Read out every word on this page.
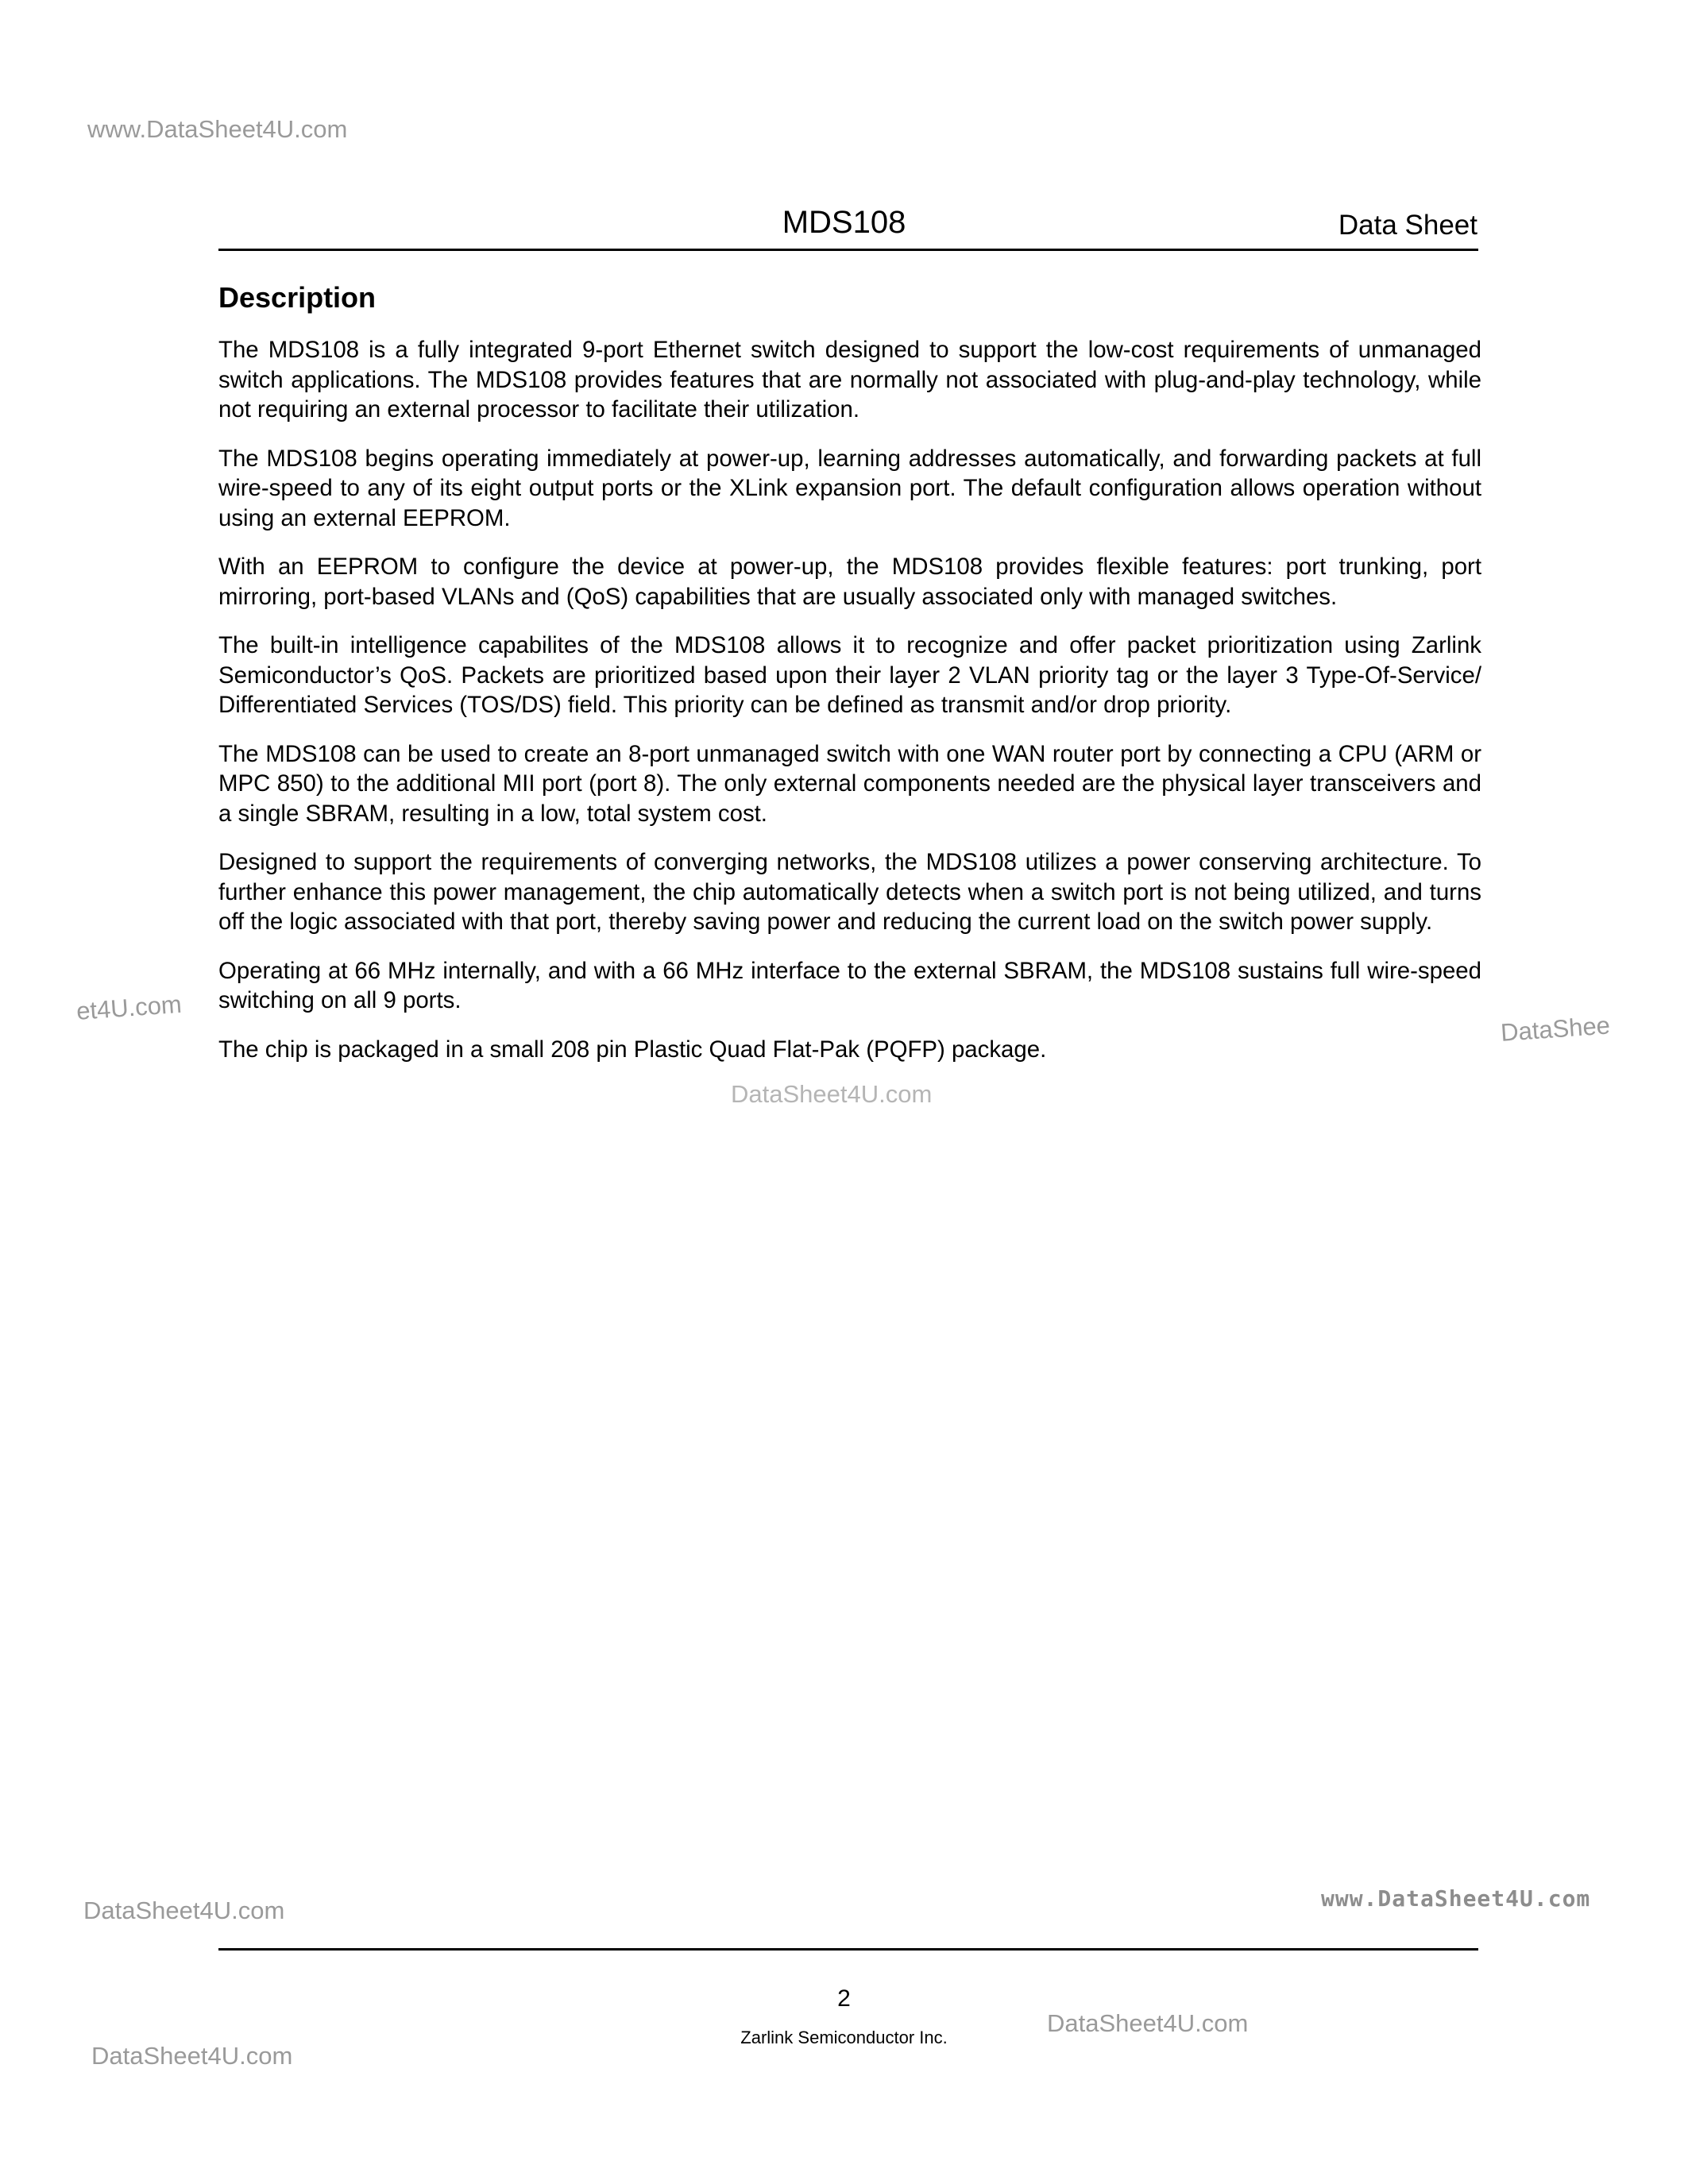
www.DataSheet4U.com
et4U.com
DataShee
DataSheet4U.com	www.DataSheet4U.com
DataSheet4U.com
DataSheet4U.com
MDS108	Data Sheet
Description

The MDS108 is a fully integrated 9-port Ethernet switch designed to support the low-cost requirements of unmanaged switch applications. The MDS108 provides features that are normally not associated with plug-and-play technology, while not requiring an external processor to facilitate their utilization.

The MDS108 begins operating immediately at power-up, learning addresses automatically, and forwarding packets at full wire-speed to any of its eight output ports or the XLink expansion port. The default configuration allows operation without using an external EEPROM.

With an EEPROM to configure the device at power-up, the MDS108 provides flexible features: port trunking, port mirroring, port-based VLANs and (QoS) capabilities that are usually associated only with managed switches.

The built-in intelligence capabilites of the MDS108 allows it to recognize and offer packet prioritization using Zarlink Semiconductor’s QoS. Packets are prioritized based upon their layer 2 VLAN priority tag or the layer 3 Type-Of-Service/ Differentiated Services (TOS/DS) field. This priority can be defined as transmit and/or drop priority.

The MDS108 can be used to create an 8-port unmanaged switch with one WAN router port by connecting a CPU (ARM or MPC 850) to the additional MII port (port 8). The only external components needed are the physical layer transceivers and a single SBRAM, resulting in a low, total system cost.

Designed to support the requirements of converging networks, the MDS108 utilizes a power conserving architecture. To further enhance this power management, the chip automatically detects when a switch port is not being utilized, and turns off the logic associated with that port, thereby saving power and reducing the current load on the switch power supply.

Operating at 66 MHz internally, and with a 66 MHz interface to the external SBRAM, the MDS108 sustains full wire-speed switching on all 9 ports.

The chip is packaged in a small 208 pin Plastic Quad Flat-Pak (PQFP) package.

DataSheet4U.com
2
Zarlink Semiconductor Inc.
